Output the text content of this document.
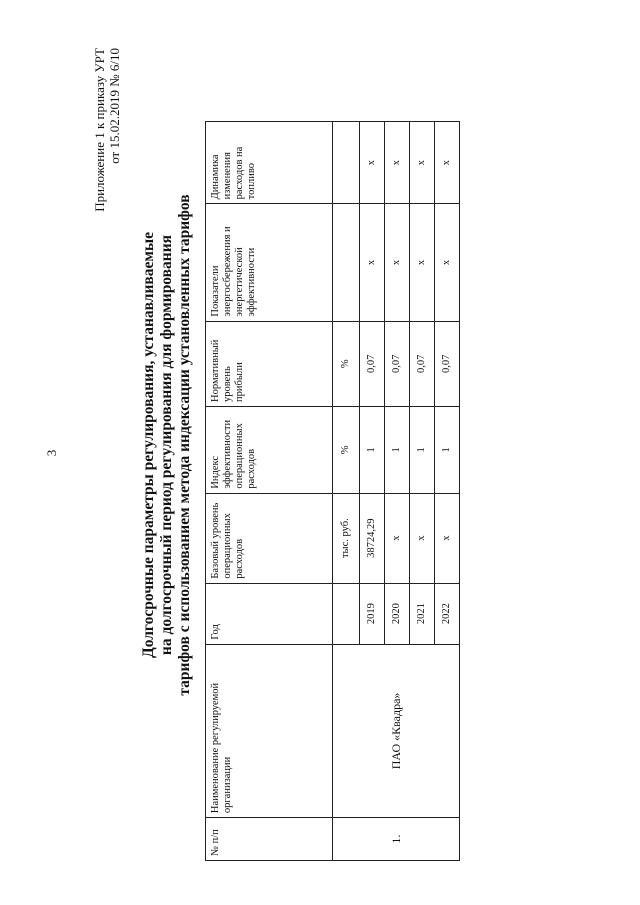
3
Приложение 1 к приказу УРТ от 15.02.2019 № 6/10
Долгосрочные параметры регулирования, устанавливаемые на долгосрочный период регулирования для формирования тарифов с использованием метода индексации установленных тарифов
№ п/п	Наименование регулируемой организации	Год	Базовый уровень операционных расходов	Индекс эффективности операционных расходов	Нормативный уровень прибыли	Показатели энергосбережения и энергетической эффективности	Динамика изменения расходов на топливо
1.	ПАО «Квадра»		тыс. руб.	%	%		
		2019	38724,29	1	0,07	х	х
		2020	х	1	0,07	х	х
		2021	х	1	0,07	х	х
		2022	х	1	0,07	х	х
